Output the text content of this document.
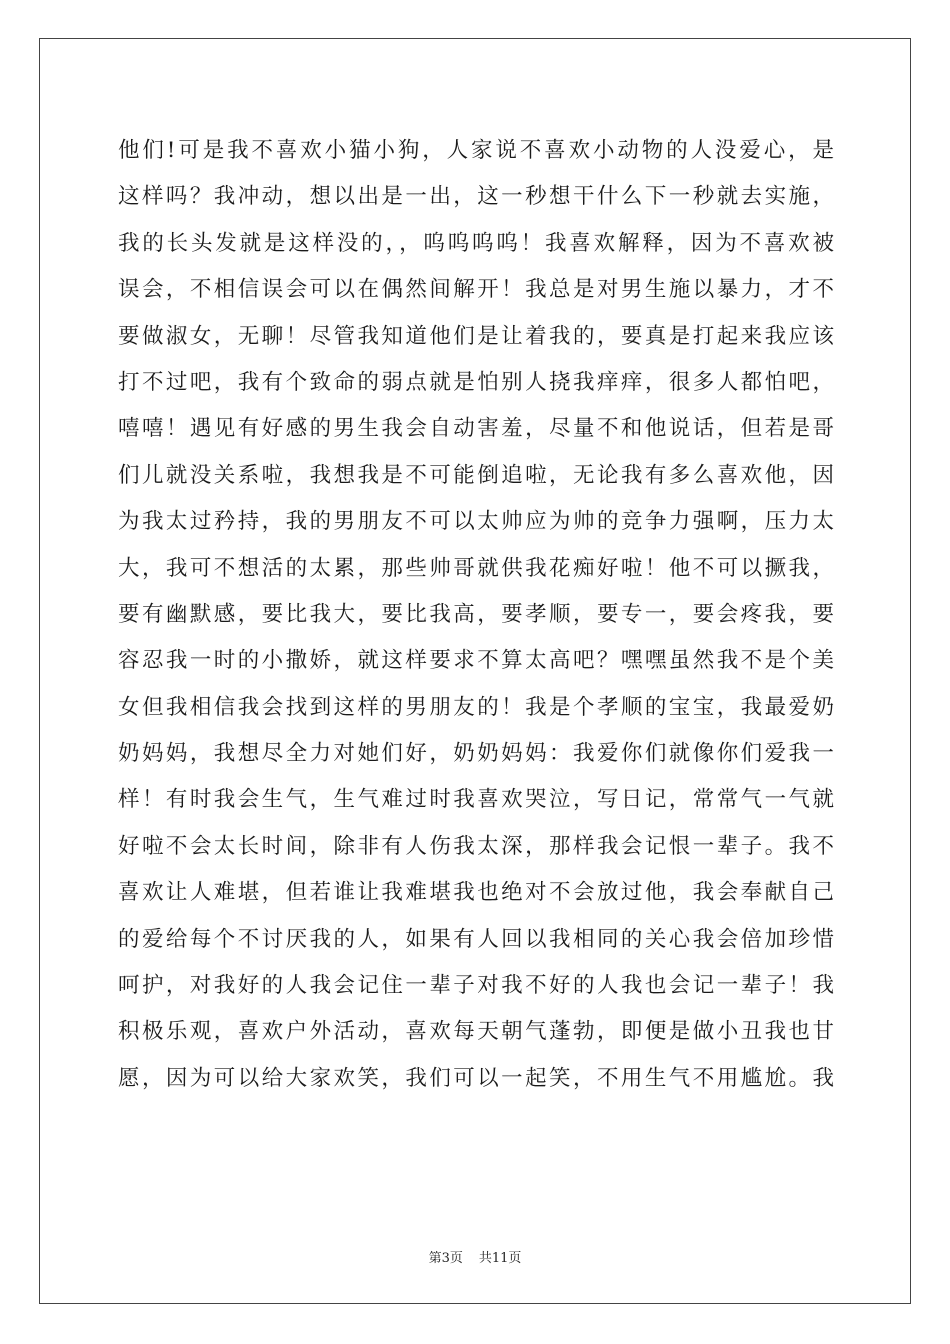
他们!可是我不喜欢小猫小狗，人家说不喜欢小动物的人没爱心，是
这样吗？我冲动，想以出是一出，这一秒想干什么下一秒就去实施，
我的长头发就是这样没的，，呜呜呜呜！我喜欢解释，因为不喜欢被
误会，不相信误会可以在偶然间解开！我总是对男生施以暴力，才不
要做淑女，无聊！尽管我知道他们是让着我的，要真是打起来我应该
打不过吧，我有个致命的弱点就是怕别人挠我痒痒，很多人都怕吧，
嘻嘻！遇见有好感的男生我会自动害羞，尽量不和他说话，但若是哥
们儿就没关系啦，我想我是不可能倒追啦，无论我有多么喜欢他，因
为我太过矜持，我的男朋友不可以太帅应为帅的竞争力强啊，压力太
大，我可不想活的太累，那些帅哥就供我花痴好啦！他不可以撅我，
要有幽默感，要比我大，要比我高，要孝顺，要专一，要会疼我，要
容忍我一时的小撒娇，就这样要求不算太高吧？嘿嘿虽然我不是个美
女但我相信我会找到这样的男朋友的！我是个孝顺的宝宝，我最爱奶
奶妈妈，我想尽全力对她们好，奶奶妈妈：我爱你们就像你们爱我一
样！有时我会生气，生气难过时我喜欢哭泣，写日记，常常气一气就
好啦不会太长时间，除非有人伤我太深，那样我会记恨一辈子。我不
喜欢让人难堪，但若谁让我难堪我也绝对不会放过他，我会奉献自己
的爱给每个不讨厌我的人，如果有人回以我相同的关心我会倍加珍惜
呵护，对我好的人我会记住一辈子对我不好的人我也会记一辈子！我
积极乐观，喜欢户外活动，喜欢每天朝气蓬勃，即便是做小丑我也甘
愿，因为可以给大家欢笑，我们可以一起笑，不用生气不用尴尬。我
第3页 共11页
